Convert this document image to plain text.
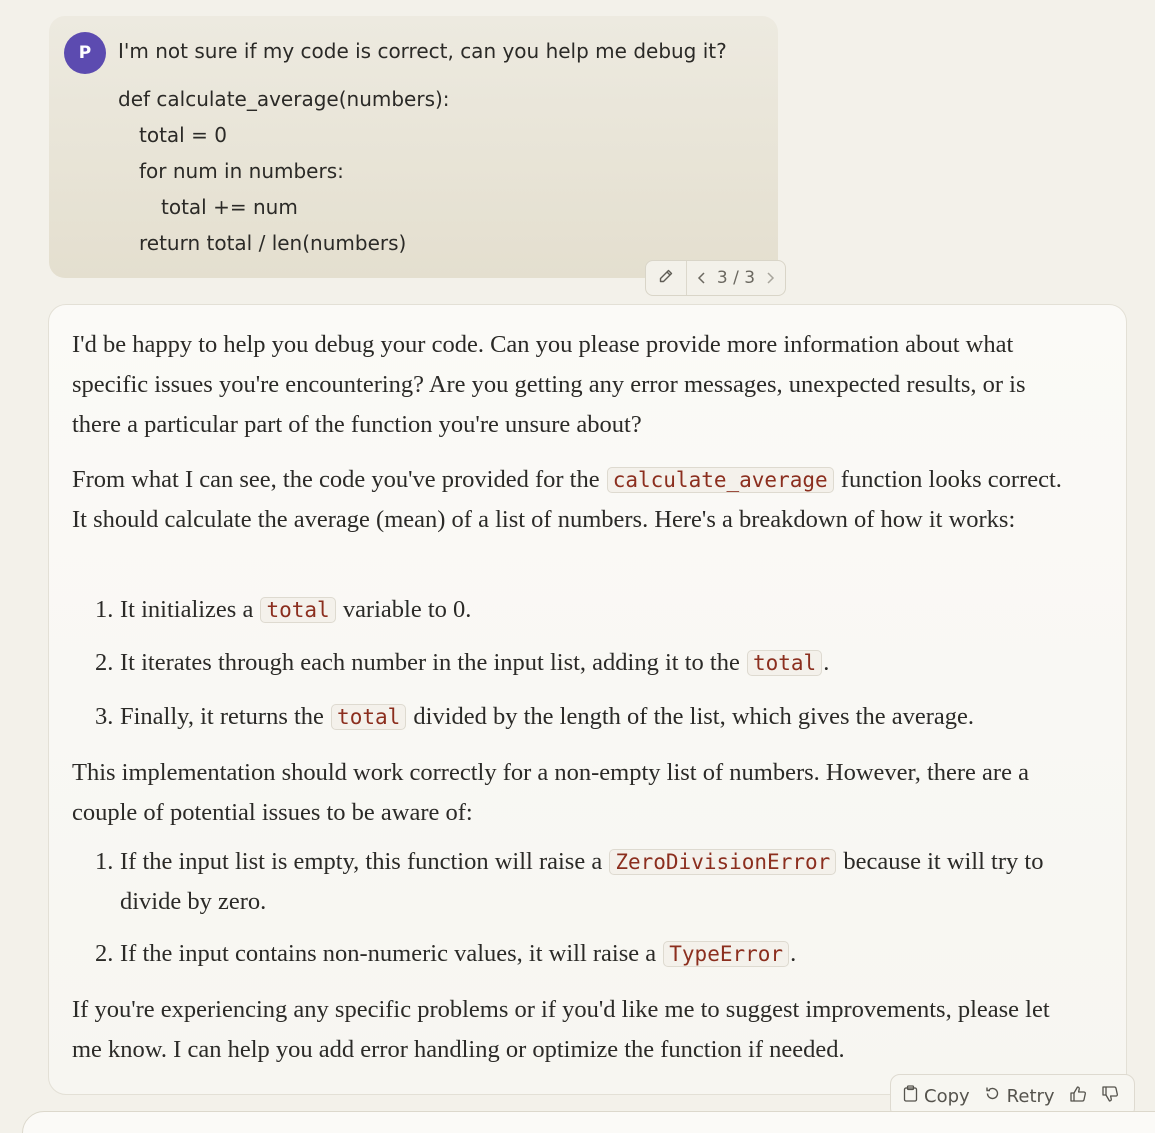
P	I'm not sure if my code is correct, can you help me debug it?
def calculate_average(numbers):
total = 0
for num in numbers:
total += num
return total / len(numbers)
3 / 3

I'd be happy to help you debug your code. Can you please provide more information about what specific issues you're encountering? Are you getting any error messages, unexpected results, or is there a particular part of the function you're unsure about?

From what I can see, the code you've provided for the calculate_average function looks correct. It should calculate the average (mean) of a list of numbers. Here's a breakdown of how it works:

1. It initializes a total variable to 0.

2. It iterates through each number in the input list, adding it to the total .

3. Finally, it returns the total divided by the length of the list, which gives the average.

This implementation should work correctly for a non-empty list of numbers. However, there are a couple of potential issues to be aware of:

1. If the input list is empty, this function will raise a ZeroDivisionError because it will try to divide by zero.

2. If the input contains non-numeric values, it will raise a TypeError .

If you're experiencing any specific problems or if you'd like me to suggest improvements, please let me know. I can help you add error handling or optimize the function if needed.

Copy Retry
